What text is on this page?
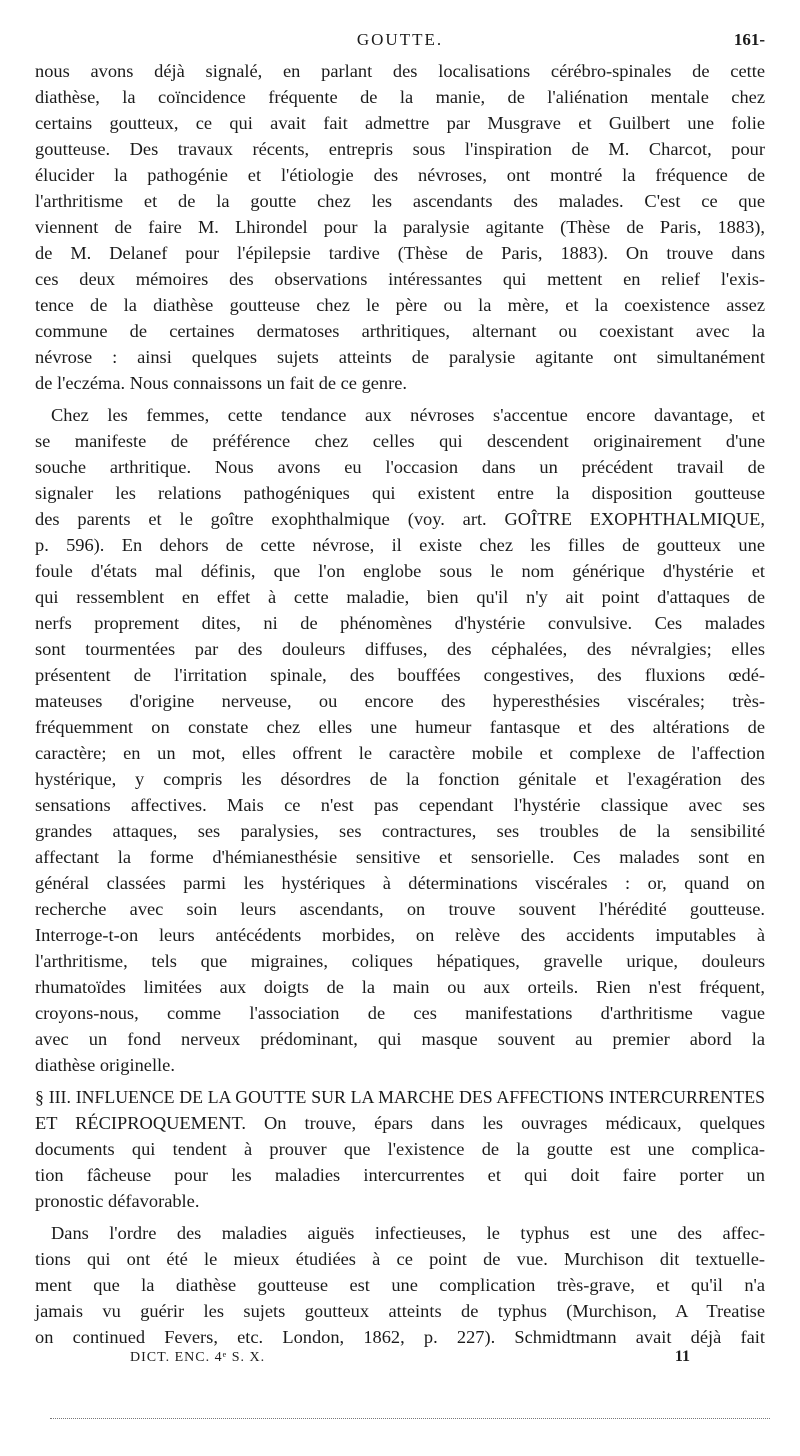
GOUTTE.	161-
nous avons déjà signalé, en parlant des localisations cérébro-spinales de cette
diathèse, la coïncidence fréquente de la manie, de l'aliénation mentale chez
certains goutteux, ce qui avait fait admettre par Musgrave et Guilbert une folie
goutteuse. Des travaux récents, entrepris sous l'inspiration de M. Charcot, pour
élucider la pathogénie et l'étiologie des névroses, ont montré la fréquence de
l'arthritisme et de la goutte chez les ascendants des malades. C'est ce que
viennent de faire M. Lhirondel pour la paralysie agitante (Thèse de Paris, 1883),
de M. Delanef pour l'épilepsie tardive (Thèse de Paris, 1883). On trouve dans
ces deux mémoires des observations intéressantes qui mettent en relief l'exis-
tence de la diathèse goutteuse chez le père ou la mère, et la coexistence assez
commune de certaines dermatoses arthritiques, alternant ou coexistant avec la
névrose : ainsi quelques sujets atteints de paralysie agitante ont simultanément
de l'eczéma. Nous connaissons un fait de ce genre.
Chez les femmes, cette tendance aux névroses s'accentue encore davantage, et
se manifeste de préférence chez celles qui descendent originairement d'une
souche arthritique. Nous avons eu l'occasion dans un précédent travail de
signaler les relations pathogéniques qui existent entre la disposition goutteuse
des parents et le goître exophthalmique (voy. art. GOÎTRE EXOPHTHALMIQUE,
p. 596). En dehors de cette névrose, il existe chez les filles de goutteux une
foule d'états mal définis, que l'on englobe sous le nom générique d'hystérie et
qui ressemblent en effet à cette maladie, bien qu'il n'y ait point d'attaques de
nerfs proprement dites, ni de phénomènes d'hystérie convulsive. Ces malades
sont tourmentées par des douleurs diffuses, des céphalées, des névralgies; elles
présentent de l'irritation spinale, des bouffées congestives, des fluxions œdé-
mateuses d'origine nerveuse, ou encore des hyperesthésies viscérales; très-
fréquemment on constate chez elles une humeur fantasque et des altérations de
caractère; en un mot, elles offrent le caractère mobile et complexe de l'affection
hystérique, y compris les désordres de la fonction génitale et l'exagération des
sensations affectives. Mais ce n'est pas cependant l'hystérie classique avec ses
grandes attaques, ses paralysies, ses contractures, ses troubles de la sensibilité
affectant la forme d'hémianesthésie sensitive et sensorielle. Ces malades sont en
général classées parmi les hystériques à déterminations viscérales : or, quand on
recherche avec soin leurs ascendants, on trouve souvent l'hérédité goutteuse.
Interroge-t-on leurs antécédents morbides, on relève des accidents imputables à
l'arthritisme, tels que migraines, coliques hépatiques, gravelle urique, douleurs
rhumatoïdes limitées aux doigts de la main ou aux orteils. Rien n'est fréquent,
croyons-nous, comme l'association de ces manifestations d'arthritisme vague
avec un fond nerveux prédominant, qui masque souvent au premier abord la
diathèse originelle.
§ III. INFLUENCE DE LA GOUTTE SUR LA MARCHE DES AFFECTIONS INTERCURRENTES
ET RÉCIPROQUEMENT. On trouve, épars dans les ouvrages médicaux, quelques
documents qui tendent à prouver que l'existence de la goutte est une complica-
tion fâcheuse pour les maladies intercurrentes et qui doit faire porter un
pronostic défavorable.
Dans l'ordre des maladies aiguës infectieuses, le typhus est une des affec-
tions qui ont été le mieux étudiées à ce point de vue. Murchison dit textuelle-
ment que la diathèse goutteuse est une complication très-grave, et qu'il n'a
jamais vu guérir les sujets goutteux atteints de typhus (Murchison, A Treatise
on continued Fevers, etc. London, 1862, p. 227). Schmidtmann avait déjà fait
DICT. ENC. 4ᵉ S. X.	11
